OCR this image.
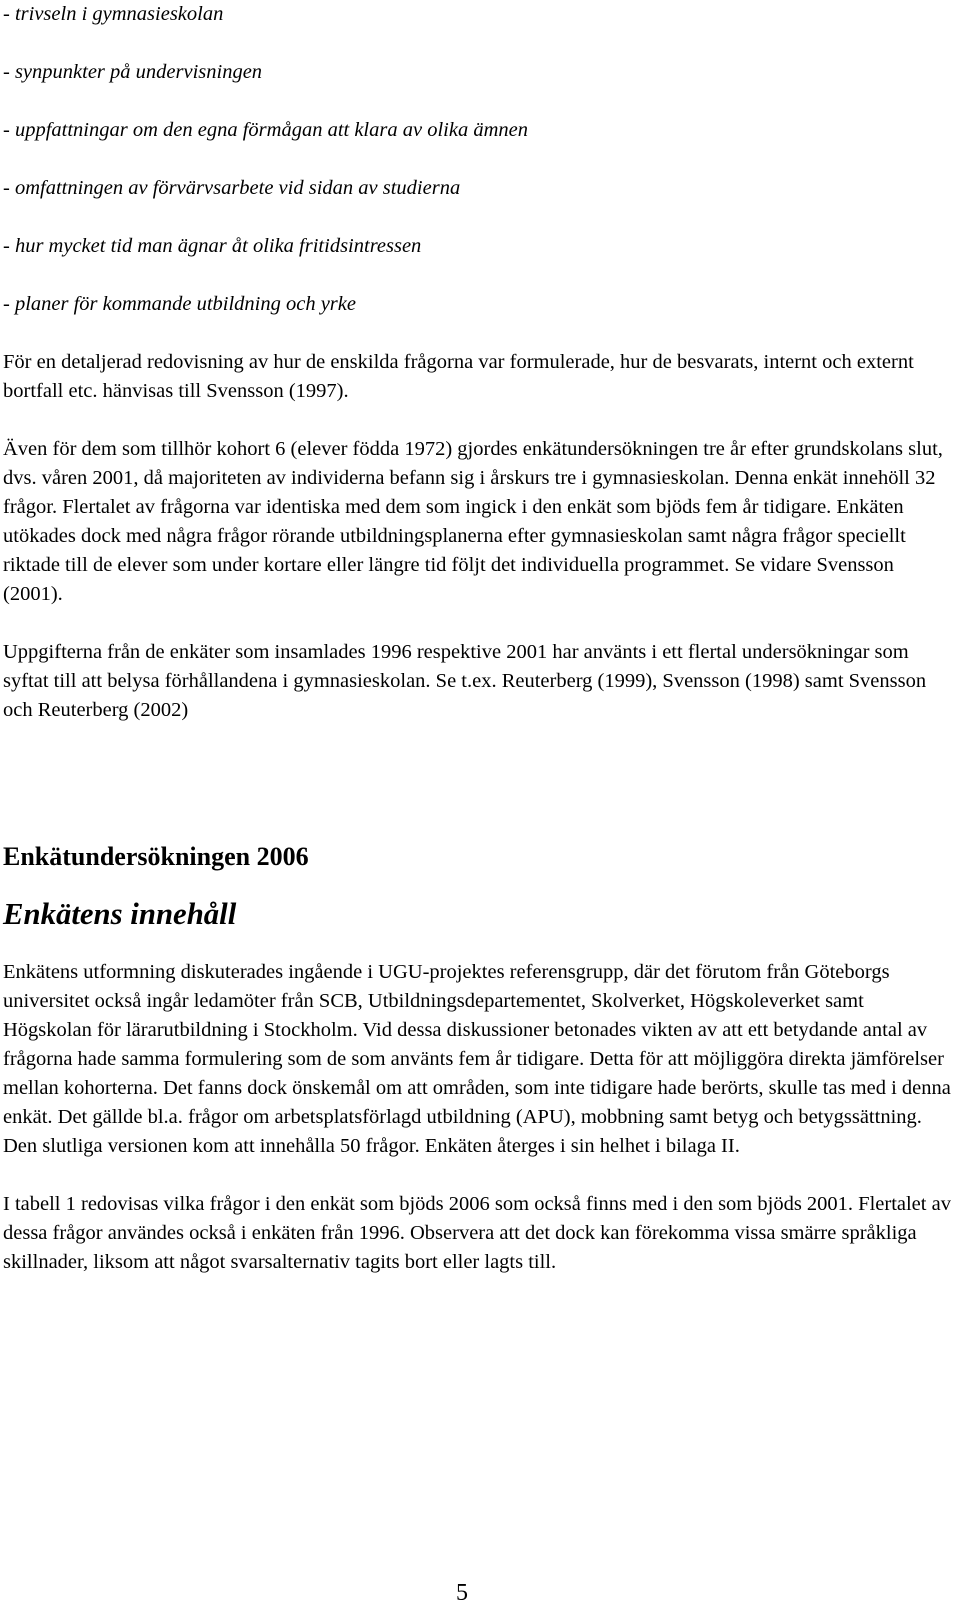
- trivseln i gymnasieskolan
- synpunkter på undervisningen
- uppfattningar om den egna förmågan att klara av olika ämnen
- omfattningen av förvärvsarbete vid sidan av studierna
- hur mycket tid man ägnar åt olika fritidsintressen
- planer för kommande utbildning och yrke

För en detaljerad redovisning av hur de enskilda frågorna var formulerade, hur de besvarats, internt och externt bortfall etc. hänvisas till Svensson (1997).

Även för dem som tillhör kohort 6 (elever födda 1972) gjordes enkätundersökningen tre år efter grundskolans slut, dvs. våren 2001, då majoriteten av individerna befann sig i årskurs tre i gymnasieskolan. Denna enkät innehöll 32 frågor. Flertalet av frågorna var identiska med dem som ingick i den enkät som bjöds fem år tidigare. Enkäten utökades dock med några frågor rörande utbildningsplanerna efter gymnasieskolan samt några frågor speciellt riktade till de elever som under kortare eller längre tid följt det individuella programmet. Se vidare Svensson (2001).

Uppgifterna från de enkäter som insamlades 1996 respektive 2001 har använts i ett flertal undersökningar som syftat till att belysa förhållandena i gymnasieskolan. Se t.ex. Reuterberg (1999), Svensson (1998) samt Svensson och Reuterberg (2002)

Enkätundersökningen 2006
Enkätens innehåll

Enkätens utformning diskuterades ingående i UGU-projektes referensgrupp, där det förutom från Göteborgs universitet också ingår ledamöter från SCB, Utbildningsdepartementet, Skolverket, Högskoleverket samt Högskolan för lärarutbildning i Stockholm. Vid dessa diskussioner betonades vikten av att ett betydande antal av frågorna hade samma formulering som de som använts fem år tidigare. Detta för att möjliggöra direkta jämförelser mellan kohorterna. Det fanns dock önskemål om att områden, som inte tidigare hade berörts, skulle tas med i denna enkät. Det gällde bl.a. frågor om arbetsplatsförlagd utbildning (APU), mobbning samt betyg och betygssättning. Den slutliga versionen kom att innehålla 50 frågor. Enkäten återges i sin helhet i bilaga II.

I tabell 1 redovisas vilka frågor i den enkät som bjöds 2006 som också finns med i den som bjöds 2001. Flertalet av dessa frågor användes också i enkäten från 1996. Observera att det dock kan förekomma vissa smärre språkliga skillnader, liksom att något svarsalternativ tagits bort eller lagts till.

5
